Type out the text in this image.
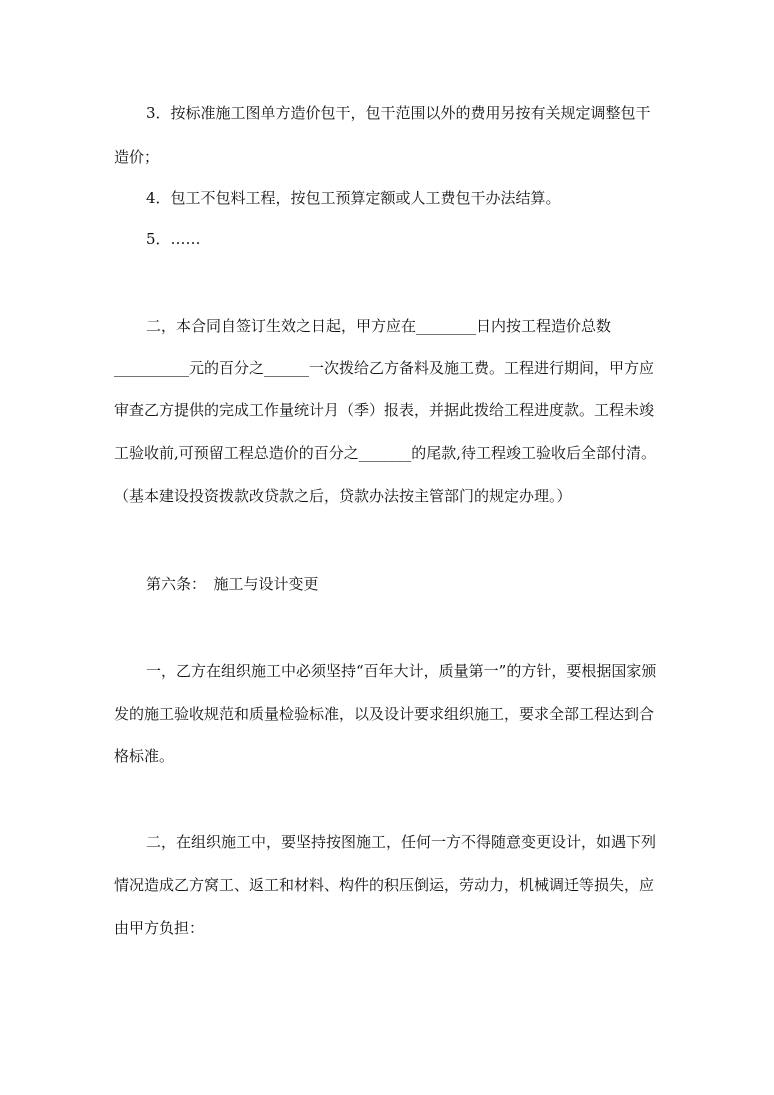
3．按标准施工图单方造价包干，包干范围以外的费用另按有关规定调整包干
造价；
4．包工不包料工程，按包工预算定额或人工费包干办法结算。
5．……
二，本合同自签订生效之日起，甲方应在________日内按工程造价总数
__________元的百分之______一次拨给乙方备料及施工费。工程进行期间，甲方应
审查乙方提供的完成工作量统计月（季）报表，并据此拨给工程进度款。工程未竣
工验收前,可预留工程总造价的百分之_______的尾款,待工程竣工验收后全部付清。
（基本建设投资拨款改贷款之后，贷款办法按主管部门的规定办理。）
第六条：　施工与设计变更
一，乙方在组织施工中必须坚持“百年大计，质量第一”的方针，要根据国家颁
发的施工验收规范和质量检验标准，以及设计要求组织施工，要求全部工程达到合
格标准。
二，在组织施工中，要坚持按图施工，任何一方不得随意变更设计，如遇下列
情况造成乙方窝工、返工和材料、构件的积压倒运，劳动力，机械调迁等损失，应
由甲方负担：
